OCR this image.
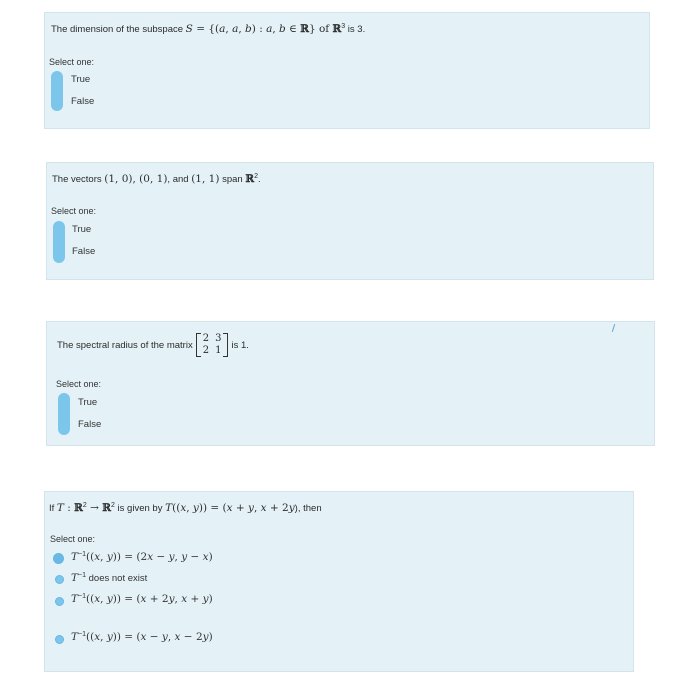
The dimension of the subspace S = {(a, a, b) : a, b ∈ ℝ} of ℝ$^3$ is 3.
Select one:
True
False
The vectors (1, 0), (0, 1), and (1, 1) span ℝ$^2$.
Select one:
True
False
The spectral radius of the matrix
2	3
2	1 is 1.
Select one:
True
False
If T : ℝ$^2$ → ℝ$^2$ is given by T((x, y)) = (x + y, x + 2y), then
Select one:
$T^{-1}((x$, y)) = (2x − y, y − x)
$T^{-1}$ does not exist
$T^{-1}((x$, y)) = (x + 2y, x + y)
$T^{-1}((x$, y)) = (x − y, x − 2y)
